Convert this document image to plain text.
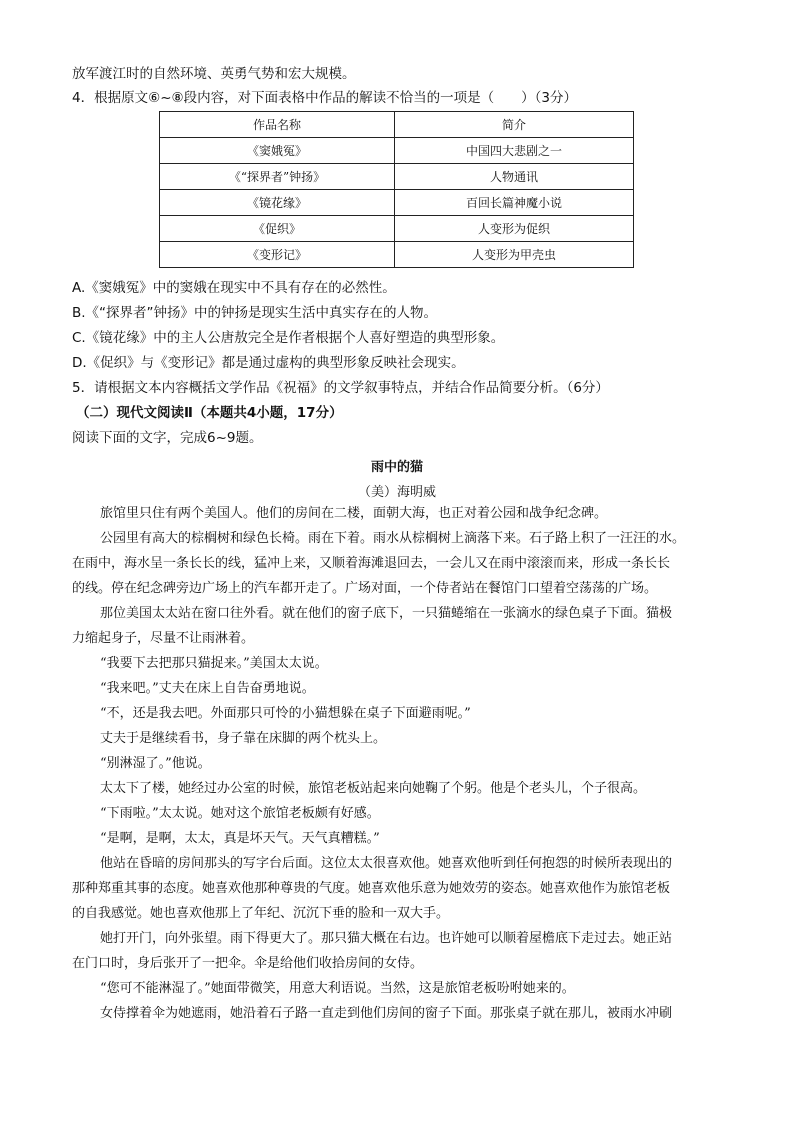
放军渡江时的自然环境、英勇气势和宏大规模。
4．根据原文⑥~⑧段内容，对下面表格中作品的解读不恰当的一项是（　　）（3分）
作品名称	简介
《窦娥冤》	中国四大悲剧之一
《“探界者”钟扬》	人物通讯
《镜花缘》	百回长篇神魔小说
《促织》	人变形为促织
《变形记》	人变形为甲壳虫
A.《窦娥冤》中的窦娥在现实中不具有存在的必然性。
B.《“探界者”钟扬》中的钟扬是现实生活中真实存在的人物。
C.《镜花缘》中的主人公唐敖完全是作者根据个人喜好塑造的典型形象。
D.《促织》与《变形记》都是通过虚构的典型形象反映社会现实。
5．请根据文本内容概括文学作品《祝福》的文学叙事特点，并结合作品简要分析。（6分）
（二）现代文阅读Ⅱ（本题共4小题，17分）
阅读下面的文字，完成6~9题。
雨中的猫
（美）海明威
旅馆里只住有两个美国人。他们的房间在二楼，面朝大海，也正对着公园和战争纪念碑。
公园里有高大的棕榈树和绿色长椅。雨在下着。雨水从棕榈树上滴落下来。石子路上积了一汪汪的水。
在雨中，海水呈一条长长的线，猛冲上来，又顺着海滩退回去，一会儿又在雨中滚滚而来，形成一条长长
的线。停在纪念碑旁边广场上的汽车都开走了。广场对面，一个侍者站在餐馆门口望着空荡荡的广场。
那位美国太太站在窗口往外看。就在他们的窗子底下，一只猫蜷缩在一张滴水的绿色桌子下面。猫极
力缩起身子，尽量不让雨淋着。
“我要下去把那只猫捉来。”美国太太说。
“我来吧。”丈夫在床上自告奋勇地说。
“不，还是我去吧。外面那只可怜的小猫想躲在桌子下面避雨呢。”
丈夫于是继续看书，身子靠在床脚的两个枕头上。
“别淋湿了。”他说。
太太下了楼，她经过办公室的时候，旅馆老板站起来向她鞠了个躬。他是个老头儿，个子很高。
“下雨啦。”太太说。她对这个旅馆老板颇有好感。
“是啊，是啊，太太，真是坏天气。天气真糟糕。”
他站在昏暗的房间那头的写字台后面。这位太太很喜欢他。她喜欢他听到任何抱怨的时候所表现出的
那种郑重其事的态度。她喜欢他那种尊贵的气度。她喜欢他乐意为她效劳的姿态。她喜欢他作为旅馆老板
的自我感觉。她也喜欢他那上了年纪、沉沉下垂的脸和一双大手。
她打开门，向外张望。雨下得更大了。那只猫大概在右边。也许她可以顺着屋檐底下走过去。她正站
在门口时，身后张开了一把伞。伞是给他们收拾房间的女侍。
“您可不能淋湿了。”她面带微笑，用意大利语说。当然，这是旅馆老板吩咐她来的。
女侍撑着伞为她遮雨，她沿着石子路一直走到他们房间的窗子下面。那张桌子就在那儿，被雨水冲刷
